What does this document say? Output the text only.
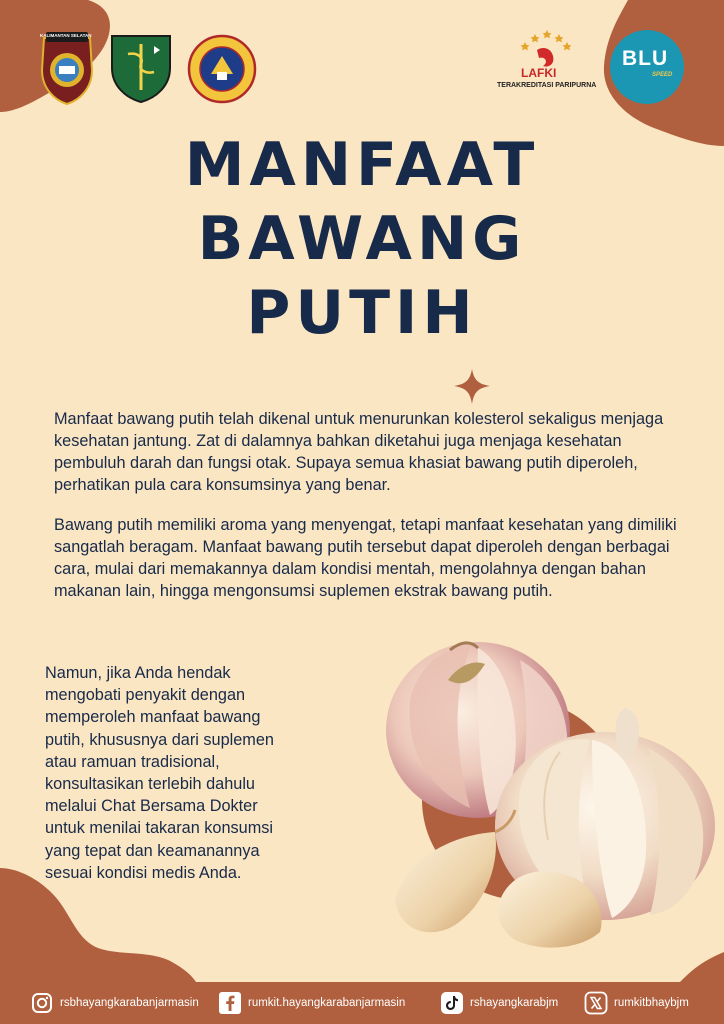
KALIMANTAN SELATAN
LAFKI
TERAKREDITASI PARIPURNA
BLU
SPEED
MANFAAT
BAWANG
PUTIH

Manfaat bawang putih telah dikenal untuk menurunkan kolesterol sekaligus menjaga kesehatan jantung. Zat di dalamnya bahkan diketahui juga menjaga kesehatan pembuluh darah dan fungsi otak. Supaya semua khasiat bawang putih diperoleh, perhatikan pula cara konsumsinya yang benar.

Bawang putih memiliki aroma yang menyengat, tetapi manfaat kesehatan yang dimiliki sangatlah beragam. Manfaat bawang putih tersebut dapat diperoleh dengan berbagai cara, mulai dari memakannya dalam kondisi mentah, mengolahnya dengan bahan makanan lain, hingga mengonsumsi suplemen ekstrak bawang putih.

Namun, jika Anda hendak mengobati penyakit dengan memperoleh manfaat bawang putih, khususnya dari suplemen atau ramuan tradisional, konsultasikan terlebih dahulu melalui Chat Bersama Dokter untuk menilai takaran konsumsi yang tepat dan keamanannya sesuai kondisi medis Anda.

rsbhayangkarabanjarmasin	rumkit.hayangkarabanjarmasin	rshayangkarabjm	rumkitbhaybjm
